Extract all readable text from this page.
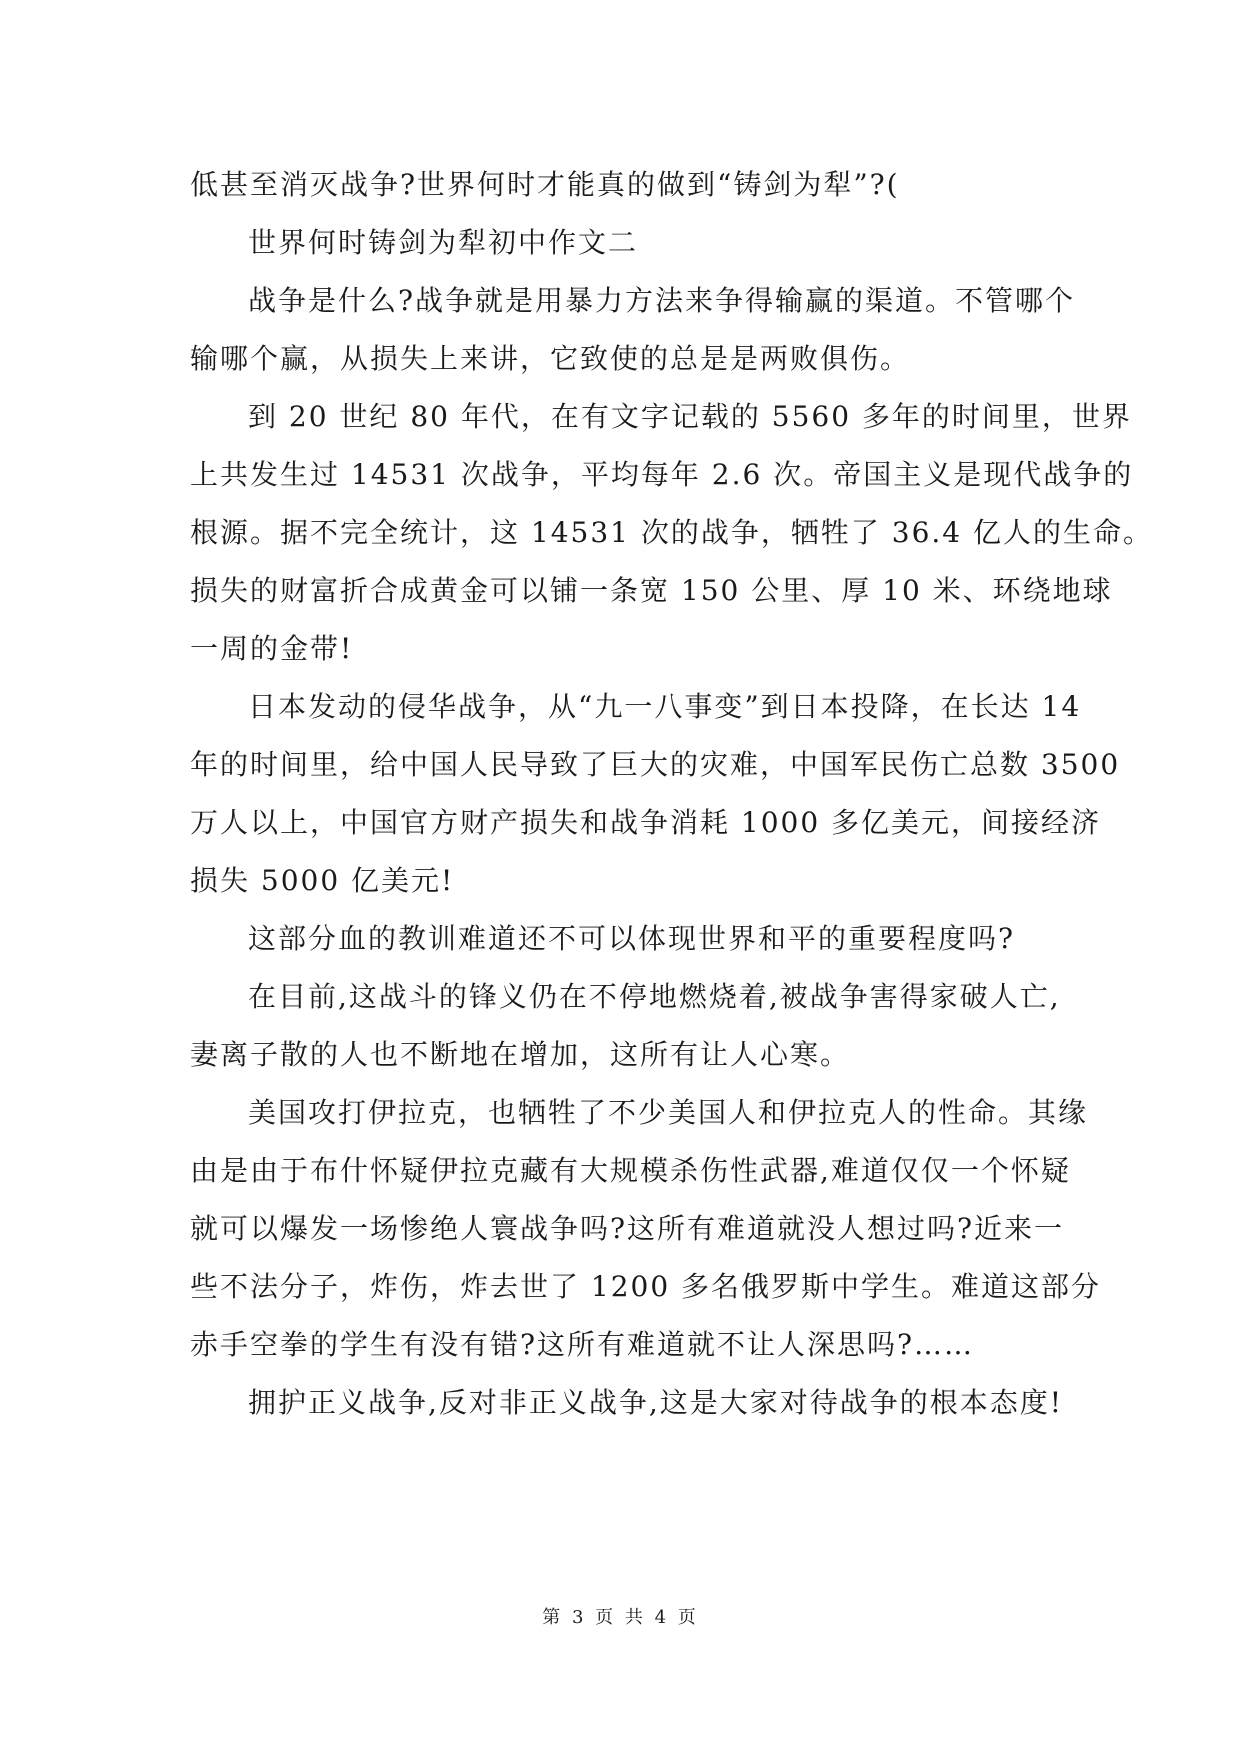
低甚至消灭战争?世界何时才能真的做到“铸剑为犁”?(
世界何时铸剑为犁初中作文二
战争是什么?战争就是用暴力方法来争得输赢的渠道。不管哪个
输哪个赢，从损失上来讲，它致使的总是是两败俱伤。
到 20 世纪 80 年代，在有文字记载的 5560 多年的时间里，世界
上共发生过 14531 次战争，平均每年 2.6 次。帝国主义是现代战争的
根源。据不完全统计，这 14531 次的战争，牺牲了 36.4 亿人的生命。
损失的财富折合成黄金可以铺一条宽 150 公里、厚 10 米、环绕地球
一周的金带!
日本发动的侵华战争，从“九一八事变”到日本投降，在长达 14
年的时间里，给中国人民导致了巨大的灾难，中国军民伤亡总数 3500
万人以上，中国官方财产损失和战争消耗 1000 多亿美元，间接经济
损失 5000 亿美元!
这部分血的教训难道还不可以体现世界和平的重要程度吗?
在目前,这战斗的锋义仍在不停地燃烧着,被战争害得家破人亡,
妻离子散的人也不断地在增加，这所有让人心寒。
美国攻打伊拉克，也牺牲了不少美国人和伊拉克人的性命。其缘
由是由于布什怀疑伊拉克藏有大规模杀伤性武器,难道仅仅一个怀疑
就可以爆发一场惨绝人寰战争吗?这所有难道就没人想过吗?近来一
些不法分子，炸伤，炸去世了 1200 多名俄罗斯中学生。难道这部分
赤手空拳的学生有没有错?这所有难道就不让人深思吗?……
拥护正义战争,反对非正义战争,这是大家对待战争的根本态度!
第 3 页 共 4 页
